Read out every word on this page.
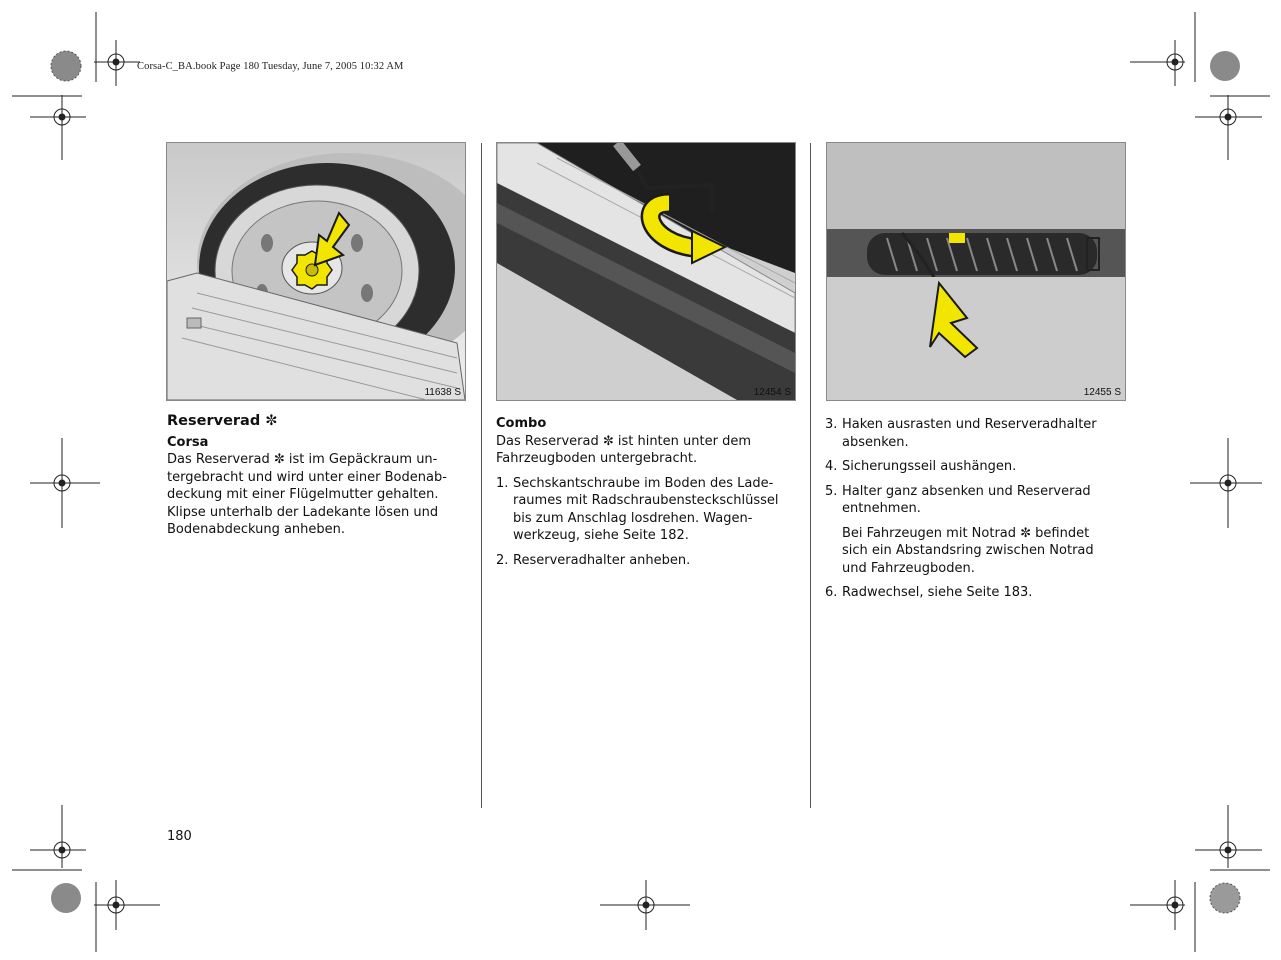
Corsa-C_BA.book Page 180 Tuesday, June 7, 2005 10:32 AM
11638 S	12454 S	12455 S
Reserverad ✼
Corsa
Das Reserverad ✼ ist im Gepäckraum un-
tergebracht und wird unter einer Bodenab-
deckung mit einer Flügelmutter gehalten.
Klipse unterhalb der Ladekante lösen und
Bodenabdeckung anheben.
Combo
Das Reserverad ✼ ist hinten unter dem
Fahrzeugboden untergebracht.
1. Sechskantschraube im Boden des Lade-
raumes mit Radschraubensteckschlüssel
bis zum Anschlag losdrehen. Wagen-
werkzeug, siehe Seite 182.
2. Reserveradhalter anheben.
3. Haken ausrasten und Reserveradhalter
absenken.
4. Sicherungsseil aushängen.
5. Halter ganz absenken und Reserverad
entnehmen.
Bei Fahrzeugen mit Notrad ✼ befindet
sich ein Abstandsring zwischen Notrad
und Fahrzeugboden.
6. Radwechsel, siehe Seite 183.
180
